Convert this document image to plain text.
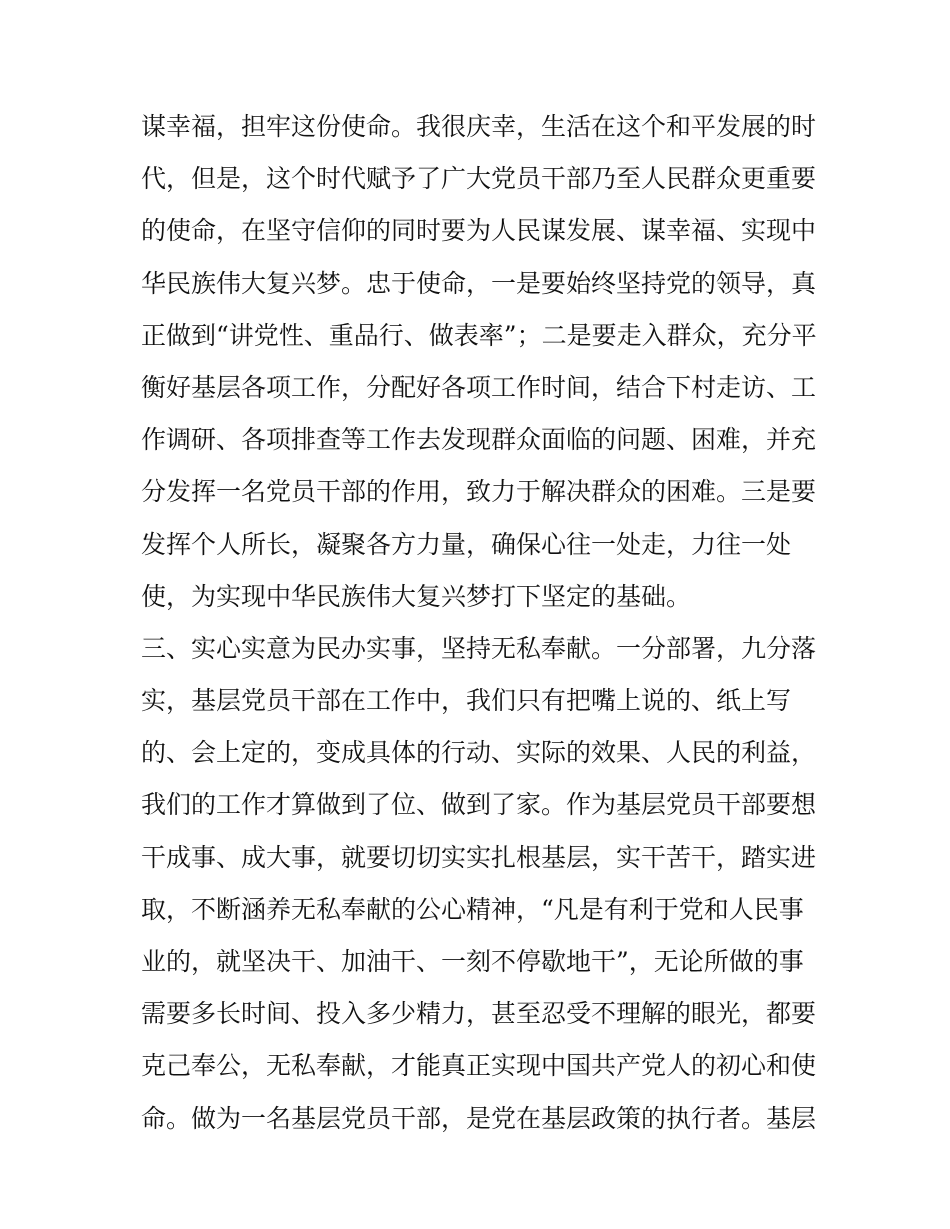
谋幸福，担牢这份使命。我很庆幸，生活在这个和平发展的时
代，但是，这个时代赋予了广大党员干部乃至人民群众更重要
的使命，在坚守信仰的同时要为人民谋发展、谋幸福、实现中
华民族伟大复兴梦。忠于使命，一是要始终坚持党的领导，真
正做到“讲党性、重品行、做表率”；二是要走入群众，充分平
衡好基层各项工作，分配好各项工作时间，结合下村走访、工
作调研、各项排查等工作去发现群众面临的问题、困难，并充
分发挥一名党员干部的作用，致力于解决群众的困难。三是要
发挥个人所长，凝聚各方力量，确保心往一处走，力往一处
使，为实现中华民族伟大复兴梦打下坚定的基础。
三、实心实意为民办实事，坚持无私奉献。一分部署，九分落
实，基层党员干部在工作中，我们只有把嘴上说的、纸上写
的、会上定的，变成具体的行动、实际的效果、人民的利益，
我们的工作才算做到了位、做到了家。作为基层党员干部要想
干成事、成大事，就要切切实实扎根基层，实干苦干，踏实进
取，不断涵养无私奉献的公心精神，“凡是有利于党和人民事
业的，就坚决干、加油干、一刻不停歇地干”，无论所做的事
需要多长时间、投入多少精力，甚至忍受不理解的眼光，都要
克己奉公，无私奉献，才能真正实现中国共产党人的初心和使
命。做为一名基层党员干部，是党在基层政策的执行者。基层
